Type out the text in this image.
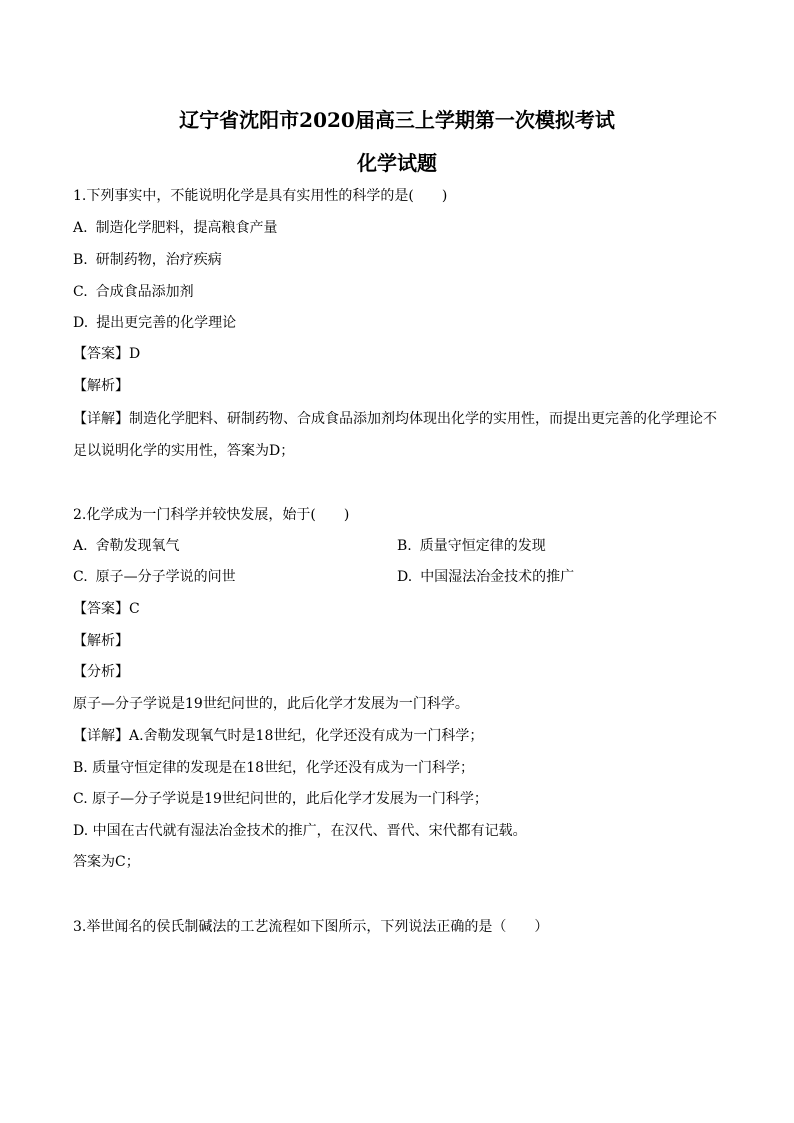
辽宁省沈阳市2020届高三上学期第一次模拟考试
化学试题
1.下列事实中，不能说明化学是具有实用性的科学的是(　　)
A. 制造化学肥料，提高粮食产量
B. 研制药物，治疗疾病
C. 合成食品添加剂
D. 提出更完善的化学理论
【答案】D
【解析】
【详解】制造化学肥料、研制药物、合成食品添加剂均体现出化学的实用性，而提出更完善的化学理论不
足以说明化学的实用性，答案为D；
2.化学成为一门科学并较快发展，始于(　　)
A. 舍勒发现氧气	B. 质量守恒定律的发现
C. 原子—分子学说的问世	D. 中国湿法冶金技术的推广
【答案】C
【解析】
【分析】
原子—分子学说是19世纪问世的，此后化学才发展为一门科学。
【详解】A.舍勒发现氧气时是18世纪，化学还没有成为一门科学；
B. 质量守恒定律的发现是在18世纪，化学还没有成为一门科学；
C. 原子—分子学说是19世纪问世的，此后化学才发展为一门科学；
D. 中国在古代就有湿法冶金技术的推广，在汉代、晋代、宋代都有记载。
答案为C；
3.举世闻名的侯氏制碱法的工艺流程如下图所示，下列说法正确的是（　　）
